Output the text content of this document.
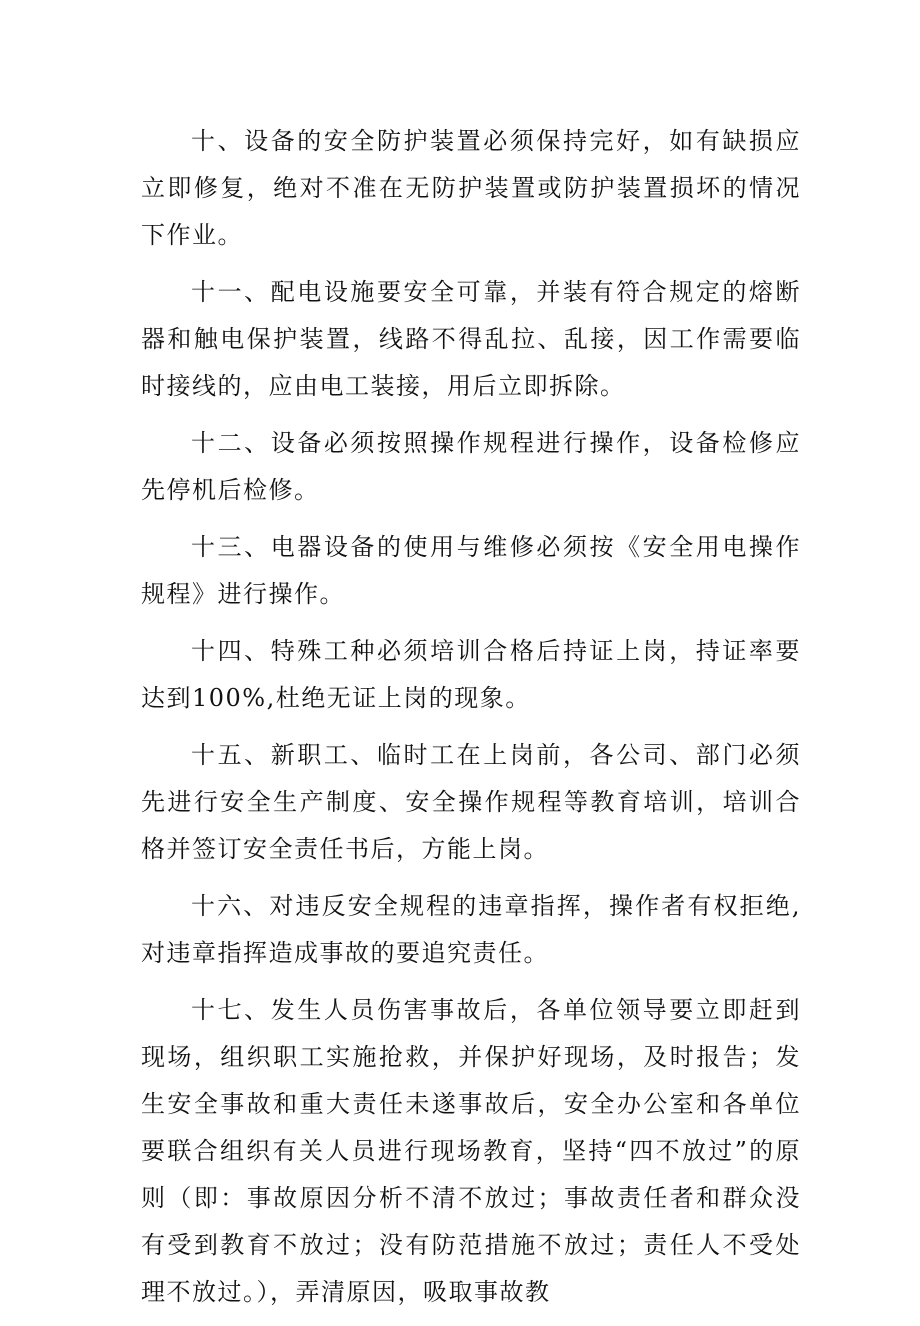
十、设备的安全防护装置必须保持完好，如有缺损应立即修复，绝对不准在无防护装置或防护装置损坏的情况下作业。

十一、配电设施要安全可靠，并装有符合规定的熔断器和触电保护装置，线路不得乱拉、乱接，因工作需要临时接线的，应由电工装接，用后立即拆除。

十二、设备必须按照操作规程进行操作，设备检修应先停机后检修。

十三、电器设备的使用与维修必须按《安全用电操作规程》进行操作。

十四、特殊工种必须培训合格后持证上岗，持证率要达到100%,杜绝无证上岗的现象。

十五、新职工、临时工在上岗前，各公司、部门必须先进行安全生产制度、安全操作规程等教育培训，培训合格并签订安全责任书后，方能上岗。

十六、对违反安全规程的违章指挥，操作者有权拒绝,对违章指挥造成事故的要追究责任。

十七、发生人员伤害事故后，各单位领导要立即赶到现场，组织职工实施抢救，并保护好现场，及时报告；发生安全事故和重大责任未遂事故后，安全办公室和各单位要联合组织有关人员进行现场教育，坚持“四不放过”的原则（即：事故原因分析不清不放过；事故责任者和群众没有受到教育不放过；没有防范措施不放过；责任人不受处理不放过。），弄清原因，吸取事故教
